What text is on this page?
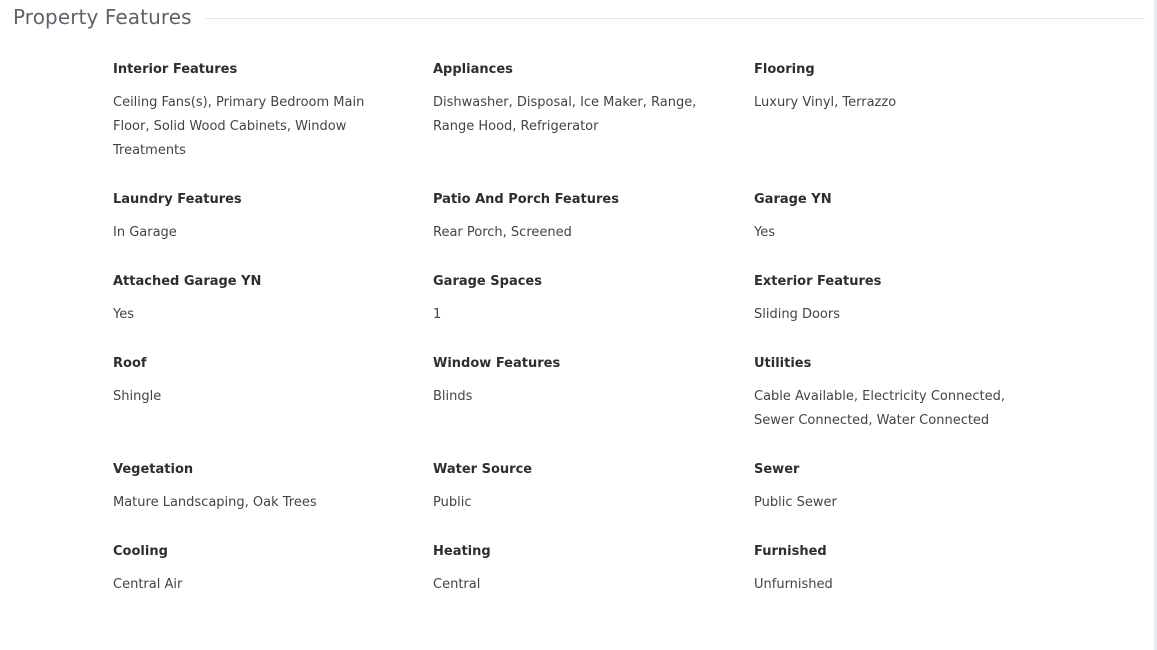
Property Features
Interior Features
Ceiling Fans(s), Primary Bedroom Main Floor, Solid Wood Cabinets, Window Treatments
Appliances
Dishwasher, Disposal, Ice Maker, Range, Range Hood, Refrigerator
Flooring
Luxury Vinyl, Terrazzo
Laundry Features
In Garage
Patio And Porch Features
Rear Porch, Screened
Garage YN
Yes
Attached Garage YN
Yes
Garage Spaces
1
Exterior Features
Sliding Doors
Roof
Shingle
Window Features
Blinds
Utilities
Cable Available, Electricity Connected, Sewer Connected, Water Connected
Vegetation
Mature Landscaping, Oak Trees
Water Source
Public
Sewer
Public Sewer
Cooling
Central Air
Heating
Central
Furnished
Unfurnished
